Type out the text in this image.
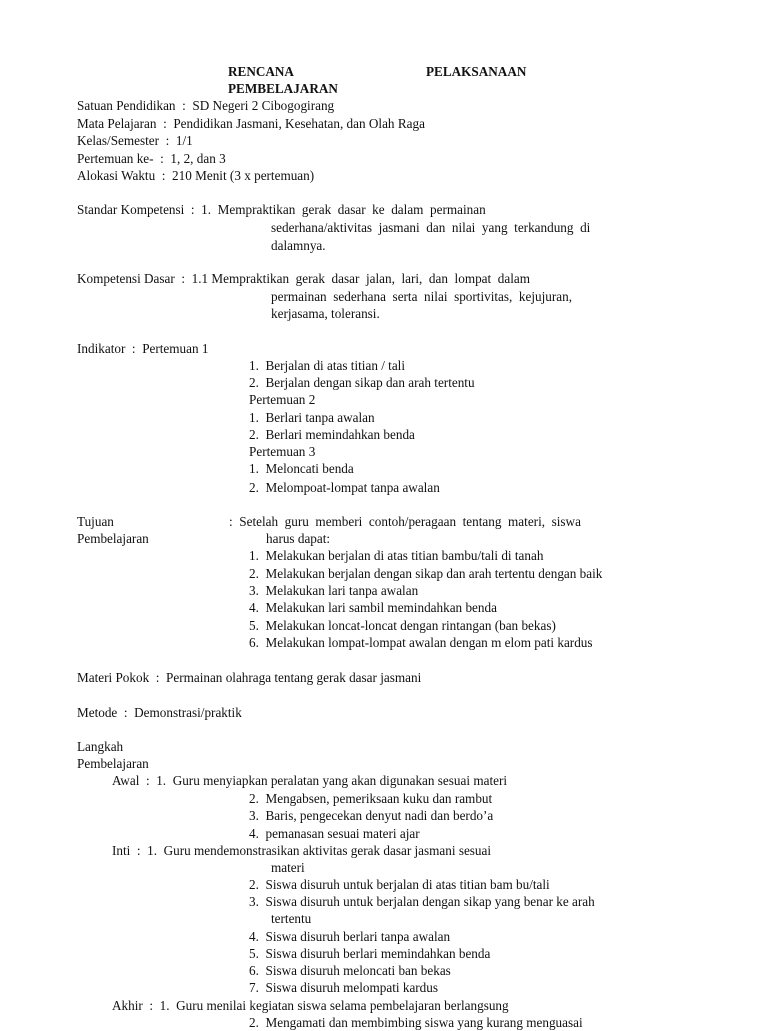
RENCANA	PELAKSANAAN
PEMBELAJARAN
Satuan Pendidikan  :  SD Negeri 2 Cibogogirang
Mata Pelajaran  :  Pendidikan Jasmani, Kesehatan, dan Olah Raga
Kelas/Semester  :  1/1
Pertemuan ke-  :  1, 2, dan 3
Alokasi Waktu  :  210 Menit (3 x pertemuan)
Standar Kompetensi  :  1.  Mempraktikan  gerak  dasar  ke  dalam  permainan
sederhana/aktivitas  jasmani  dan  nilai  yang  terkandung  di
dalamnya.
Kompetensi Dasar  :  1.1 Mempraktikan  gerak  dasar  jalan,  lari,  dan  lompat  dalam
permainan  sederhana  serta  nilai  sportivitas,  kejujuran,
kerjasama, toleransi.
Indikator  :  Pertemuan 1
1.  Berjalan di atas titian / tali
2.  Berjalan dengan sikap dan arah tertentu
Pertemuan 2
1.  Berlari tanpa awalan
2.  Berlari memindahkan benda
Pertemuan 3
1.  Meloncati benda
2.  Melompoat-lompat tanpa awalan
Tujuan
Pembelajaran
:  Setelah  guru  memberi  contoh/peragaan  tentang  materi,  siswa
harus dapat:
1.  Melakukan berjalan di atas titian bambu/tali di tanah
2.  Melakukan berjalan dengan sikap dan arah tertentu dengan baik
3.  Melakukan lari tanpa awalan
4.  Melakukan lari sambil memindahkan benda
5.  Melakukan loncat-loncat dengan rintangan (ban bekas)
6.  Melakukan lompat-lompat awalan dengan m elom pati kardus
Materi Pokok  :  Permainan olahraga tentang gerak dasar jasmani
Metode  :  Demonstrasi/praktik
Langkah
Pembelajaran
Awal  :  1.  Guru menyiapkan peralatan yang akan digunakan sesuai materi
2.  Mengabsen, pemeriksaan kuku dan rambut
3.  Baris, pengecekan denyut nadi dan berdo’a
4.  pemanasan sesuai materi ajar
Inti  :  1.  Guru mendemonstrasikan aktivitas gerak dasar jasmani sesuai
materi
2.  Siswa disuruh untuk berjalan di atas titian bam bu/tali
3.  Siswa disuruh untuk berjalan dengan sikap yang benar ke arah
tertentu
4.  Siswa disuruh berlari tanpa awalan
5.  Siswa disuruh berlari memindahkan benda
6.  Siswa disuruh meloncati ban bekas
7.  Siswa disuruh melompati kardus
Akhir  :  1.  Guru menilai kegiatan siswa selama pembelajaran berlangsung
2.  Mengamati dan membimbing siswa yang kurang menguasai
